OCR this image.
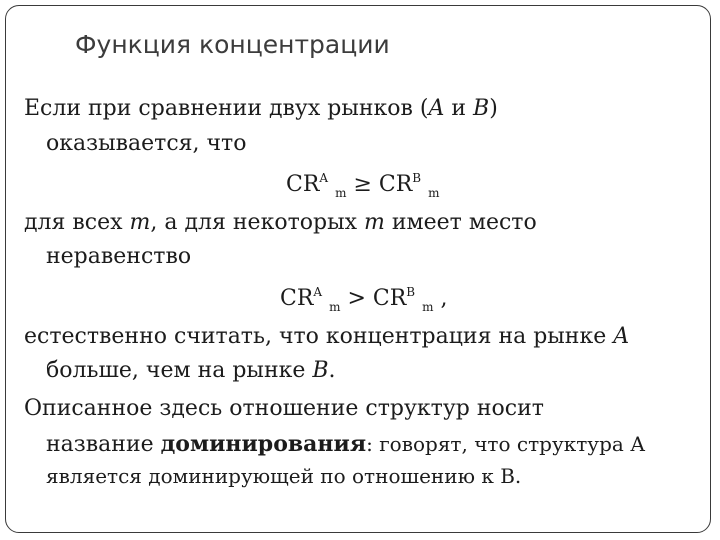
Функция концентрации
Если при сравнении двух рынков (A и B)
оказывается, что
$CR^A$ $_m \ge CR^B$ $_m$
для всех m, а для некоторых m имеет место
неравенство
$CR^A$ $_m > CR^B$ $_m$ ,
естественно считать, что концентрация на рынке A
больше, чем на рынке B.
Описанное здесь отношение структур носит
название доминирования: говорят, что структура А
является доминирующей по отношению к В.
